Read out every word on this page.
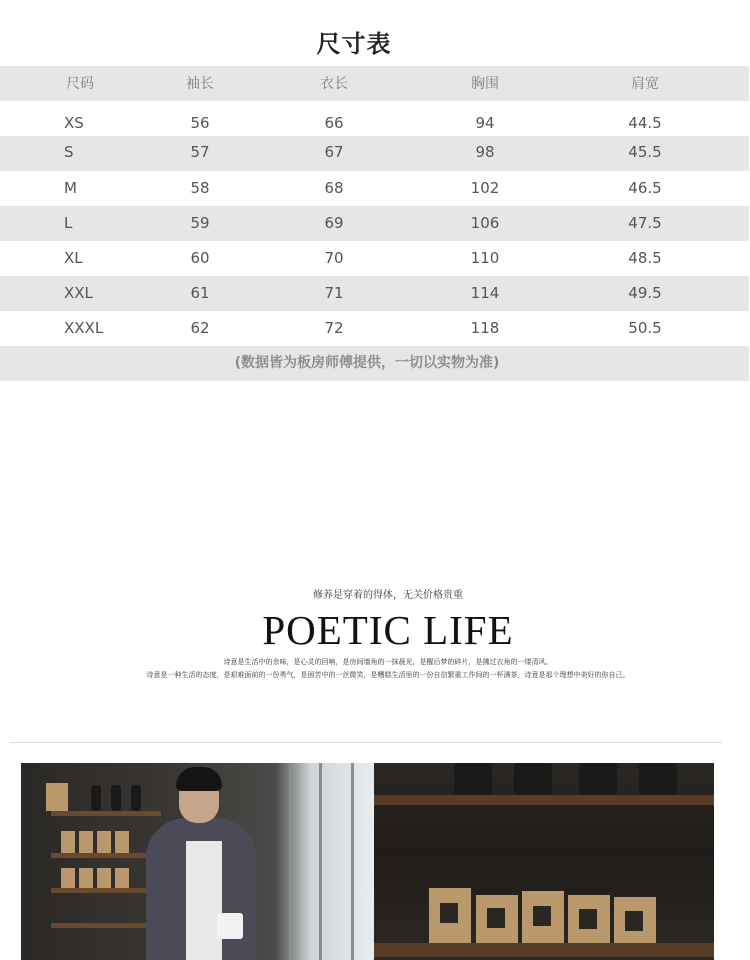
尺寸表
尺码	袖长	衣长	胸围	肩宽
XS	56	66	94	44.5
S	57	67	98	45.5
M	58	68	102	46.5
L	59	69	106	47.5
XL	60	70	110	48.5
XXL	61	71	114	49.5
XXXL	62	72	118	50.5
(数据皆为板房师傅提供，一切以实物为准)
修养是穿着的得体，无关价格贵重
POETIC LIFE
诗意是生活中的余味，是心灵的回响，是房间墙角的一抹晨光，是醒后梦的碎片，是拂过衣角的一缕清风。
诗意是一种生活的态度，是艰难面前的一份勇气，是困苦中的一丝微笑，是糟糕生活里的一份自信繁重工作间的一杯满茶，诗意是那个理想中美好的你自己。
